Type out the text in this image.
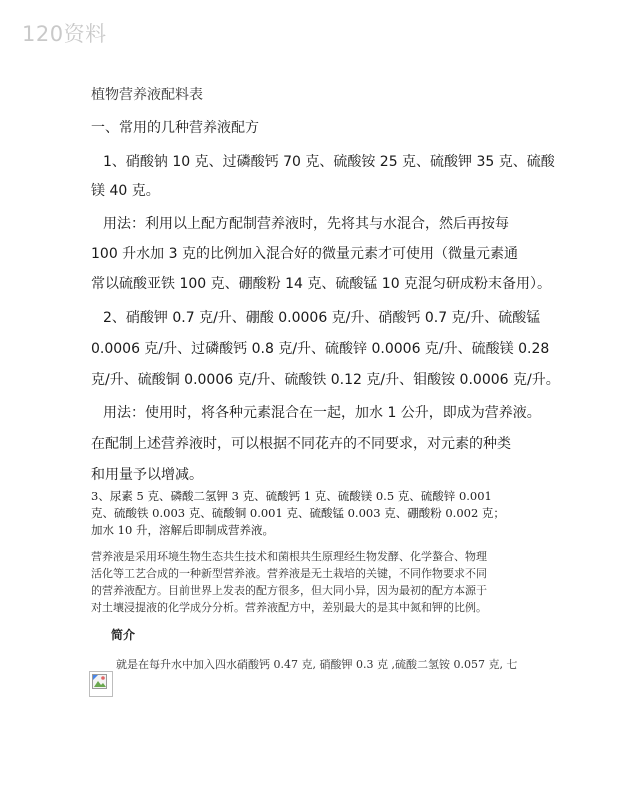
120资料
植物营养液配料表
一、常用的几种营养液配方
1、硝酸钠 10 克、过磷酸钙 70 克、硫酸铵 25 克、硫酸钾 35 克、硫酸
镁 40 克。
用法：利用以上配方配制营养液时，先将其与水混合，然后再按每
100 升水加 3 克的比例加入混合好的微量元素才可使用（微量元素通
常以硫酸亚铁 100 克、硼酸粉 14 克、硫酸锰 10 克混匀研成粉末备用）。
2、硝酸钾 0.7 克/升、硼酸 0.0006 克/升、硝酸钙 0.7 克/升、硫酸锰
0.0006 克/升、过磷酸钙 0.8 克/升、硫酸锌 0.0006 克/升、硫酸镁 0.28
克/升、硫酸铜 0.0006 克/升、硫酸铁 0.12 克/升、钼酸铵 0.0006 克/升。
用法：使用时，将各种元素混合在一起，加水 1 公升，即成为营养液。
在配制上述营养液时，可以根据不同花卉的不同要求，对元素的种类
和用量予以增减。
3、尿素 5 克、磷酸二氢钾 3 克、硫酸钙 1 克、硫酸镁 0.5 克、硫酸锌 0.001
克、硫酸铁 0.003 克、硫酸铜 0.001 克、硫酸锰 0.003 克、硼酸粉 0.002 克；
加水 10 升，溶解后即制成营养液。
营养液是采用环境生物生态共生技术和菌根共生原理经生物发酵、化学螯合、物理
活化等工艺合成的一种新型营养液。营养液是无土栽培的关键，不同作物要求不同
的营养液配方。目前世界上发表的配方很多，但大同小异，因为最初的配方本源于
对土壤浸提液的化学成分分析。营养液配方中，差别最大的是其中氮和钾的比例。
简介
就是在每升水中加入四水硝酸钙 0.47 克, 硝酸钾 0.3 克 ,硫酸二氢铵 0.057 克, 七
